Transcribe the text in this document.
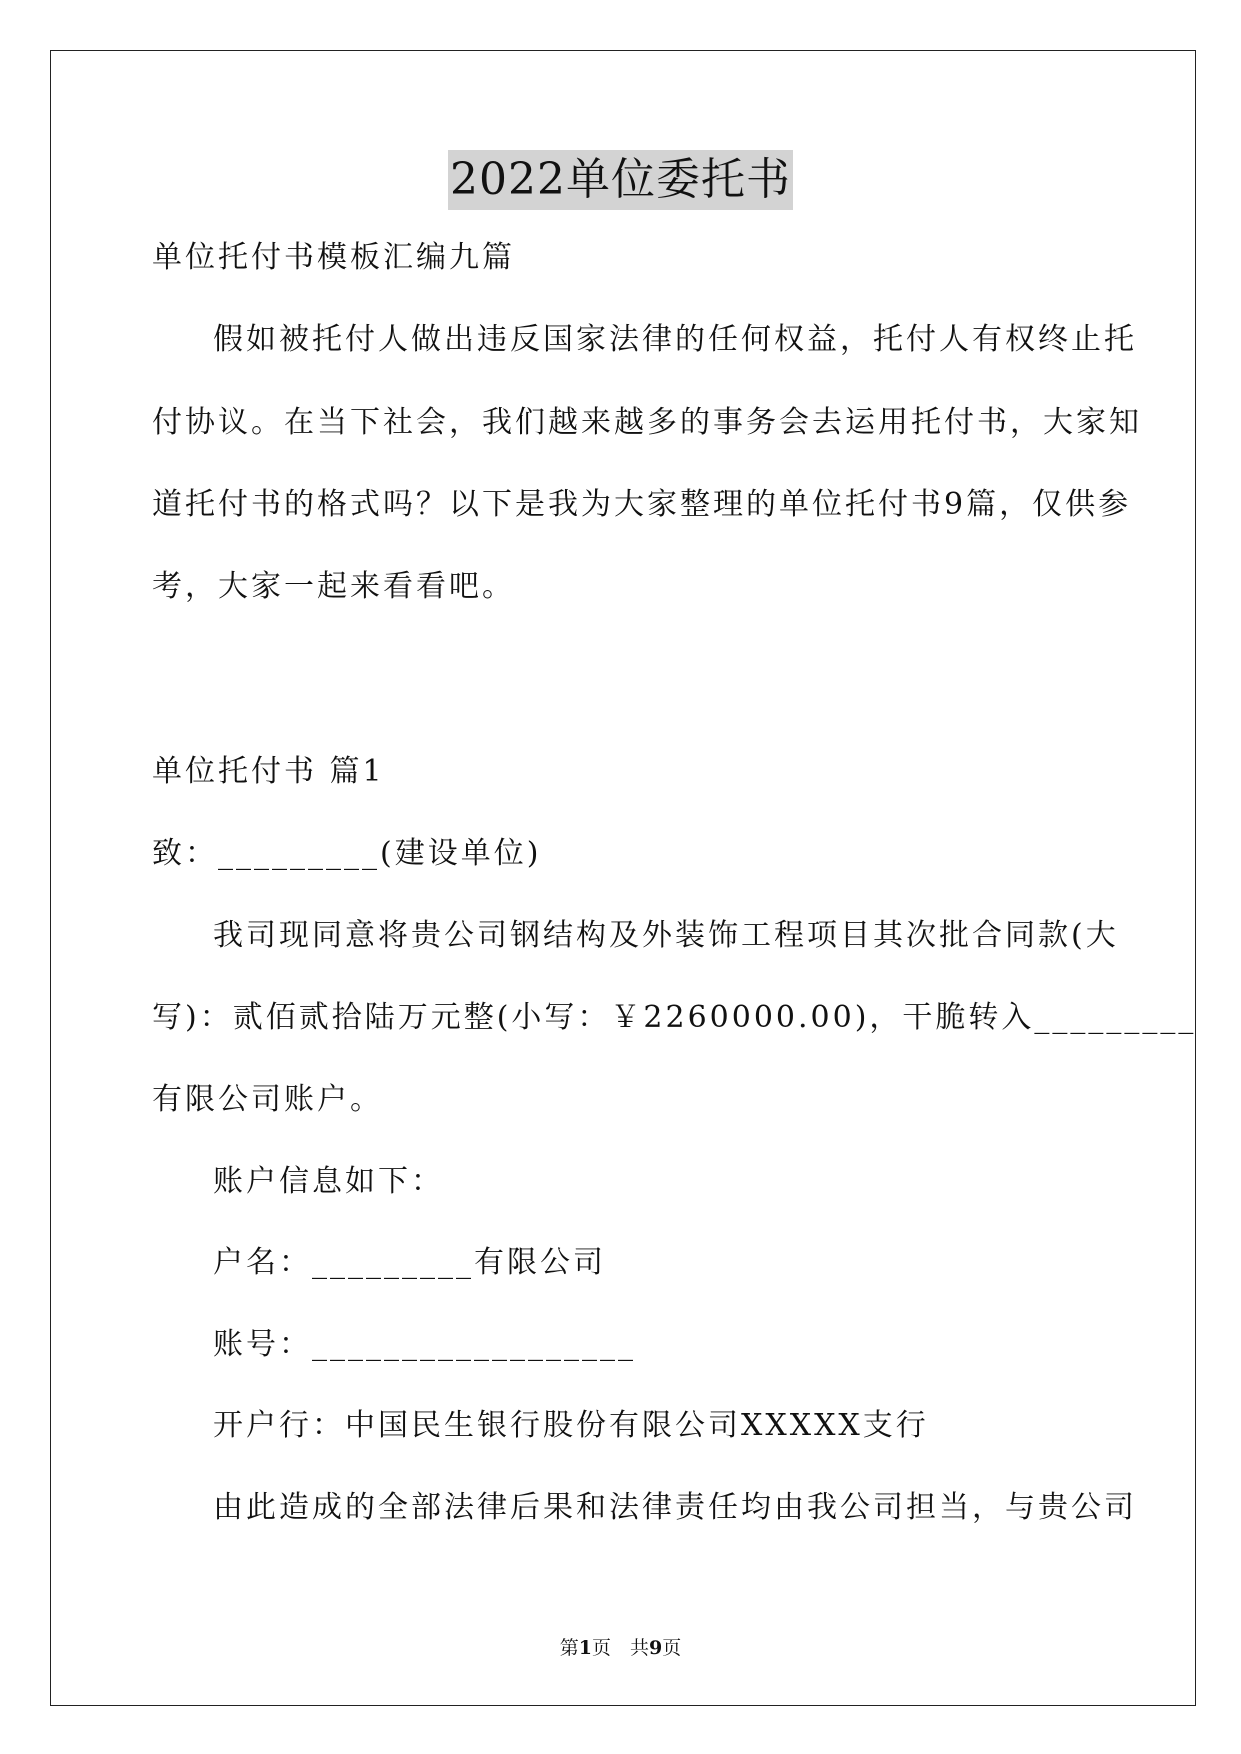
2022单位委托书
单位托付书模板汇编九篇
假如被托付人做出违反国家法律的任何权益，托付人有权终止托
付协议。在当下社会，我们越来越多的事务会去运用托付书，大家知
道托付书的格式吗？以下是我为大家整理的单位托付书9篇，仅供参
考，大家一起来看看吧。
单位托付书 篇1
致：_________(建设单位)
我司现同意将贵公司钢结构及外装饰工程项目其次批合同款(大
写)：贰佰贰拾陆万元整(小写：￥2260000.00)，干脆转入_________
有限公司账户。
账户信息如下：
户名：_________有限公司
账号：__________________
开户行：中国民生银行股份有限公司XXXXX支行
由此造成的全部法律后果和法律责任均由我公司担当，与贵公司
第1页　共9页
